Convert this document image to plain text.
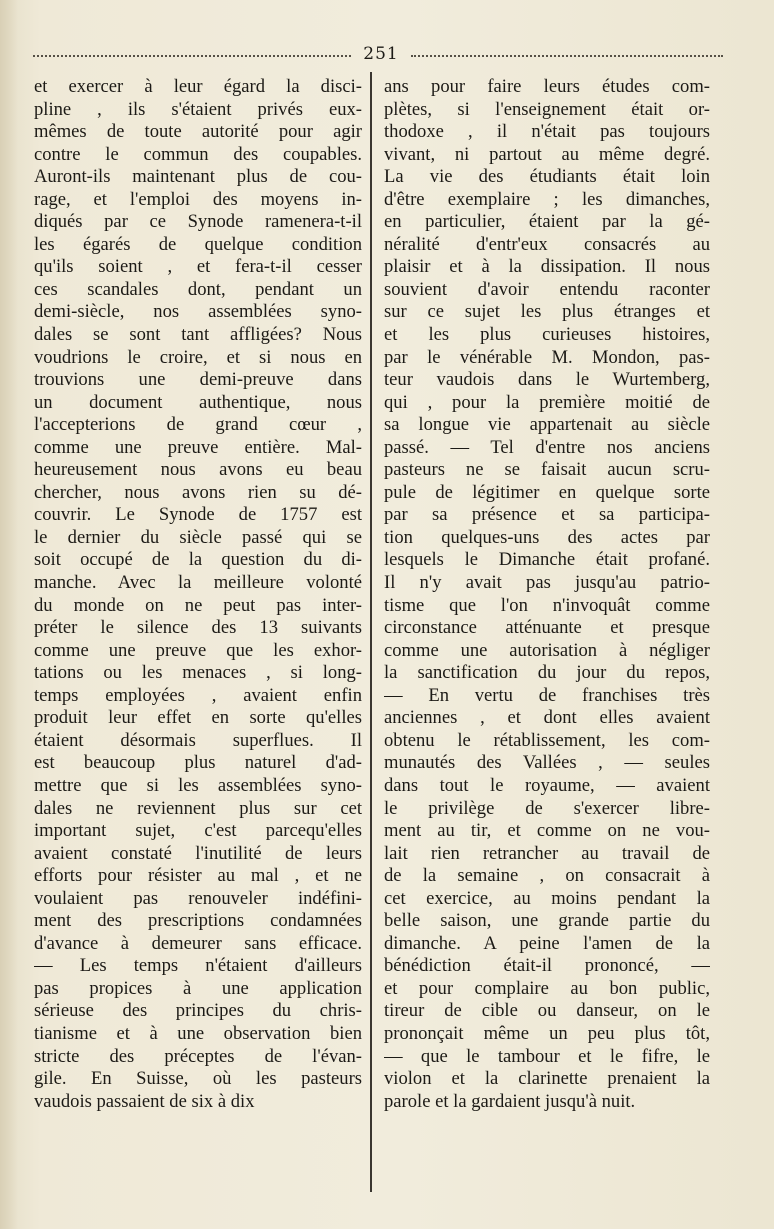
251
et exercer à leur égard la disci-
pline , ils s'étaient privés eux-
mêmes de toute autorité pour agir
contre le commun des coupables.
Auront-ils maintenant plus de cou-
rage, et l'emploi des moyens in-
diqués par ce Synode ramenera-t-il
les égarés de quelque condition
qu'ils soient , et fera-t-il cesser
ces scandales dont, pendant un
demi-siècle, nos assemblées syno-
dales se sont tant affligées? Nous
voudrions le croire, et si nous en
trouvions une demi-preuve dans
un document authentique, nous
l'accepterions de grand cœur ,
comme une preuve entière. Mal-
heureusement nous avons eu beau
chercher, nous avons rien su dé-
couvrir. Le Synode de 1757 est
le dernier du siècle passé qui se
soit occupé de la question du di-
manche. Avec la meilleure volonté
du monde on ne peut pas inter-
préter le silence des 13 suivants
comme une preuve que les exhor-
tations ou les menaces , si long-
temps employées , avaient enfin
produit leur effet en sorte qu'elles
étaient désormais superflues. Il
est beaucoup plus naturel d'ad-
mettre que si les assemblées syno-
dales ne reviennent plus sur cet
important sujet, c'est parcequ'elles
avaient constaté l'inutilité de leurs
efforts pour résister au mal , et ne
voulaient pas renouveler indéfini-
ment des prescriptions condamnées
d'avance à demeurer sans efficace.
— Les temps n'étaient d'ailleurs
pas propices à une application
sérieuse des principes du chris-
tianisme et à une observation bien
stricte des préceptes de l'évan-
gile. En Suisse, où les pasteurs
vaudois passaient de six à dix
ans pour faire leurs études com-
plètes, si l'enseignement était or-
thodoxe , il n'était pas toujours
vivant, ni partout au même degré.
La vie des étudiants était loin
d'être exemplaire ; les dimanches,
en particulier, étaient par la gé-
néralité d'entr'eux consacrés au
plaisir et à la dissipation. Il nous
souvient d'avoir entendu raconter
sur ce sujet les plus étranges et
et les plus curieuses histoires,
par le vénérable M. Mondon, pas-
teur vaudois dans le Wurtemberg,
qui , pour la première moitié de
sa longue vie appartenait au siècle
passé. — Tel d'entre nos anciens
pasteurs ne se faisait aucun scru-
pule de légitimer en quelque sorte
par sa présence et sa participa-
tion quelques-uns des actes par
lesquels le Dimanche était profané.
Il n'y avait pas jusqu'au patrio-
tisme que l'on n'invoquât comme
circonstance atténuante et presque
comme une autorisation à négliger
la sanctification du jour du repos,
— En vertu de franchises très
anciennes , et dont elles avaient
obtenu le rétablissement, les com-
munautés des Vallées , — seules
dans tout le royaume, — avaient
le privilège de s'exercer libre-
ment au tir, et comme on ne vou-
lait rien retrancher au travail de
de la semaine , on consacrait à
cet exercice, au moins pendant la
belle saison, une grande partie du
dimanche. A peine l'amen de la
bénédiction était-il prononcé, —
et pour complaire au bon public,
tireur de cible ou danseur, on le
prononçait même un peu plus tôt,
— que le tambour et le fifre, le
violon et la clarinette prenaient la
parole et la gardaient jusqu'à nuit.
